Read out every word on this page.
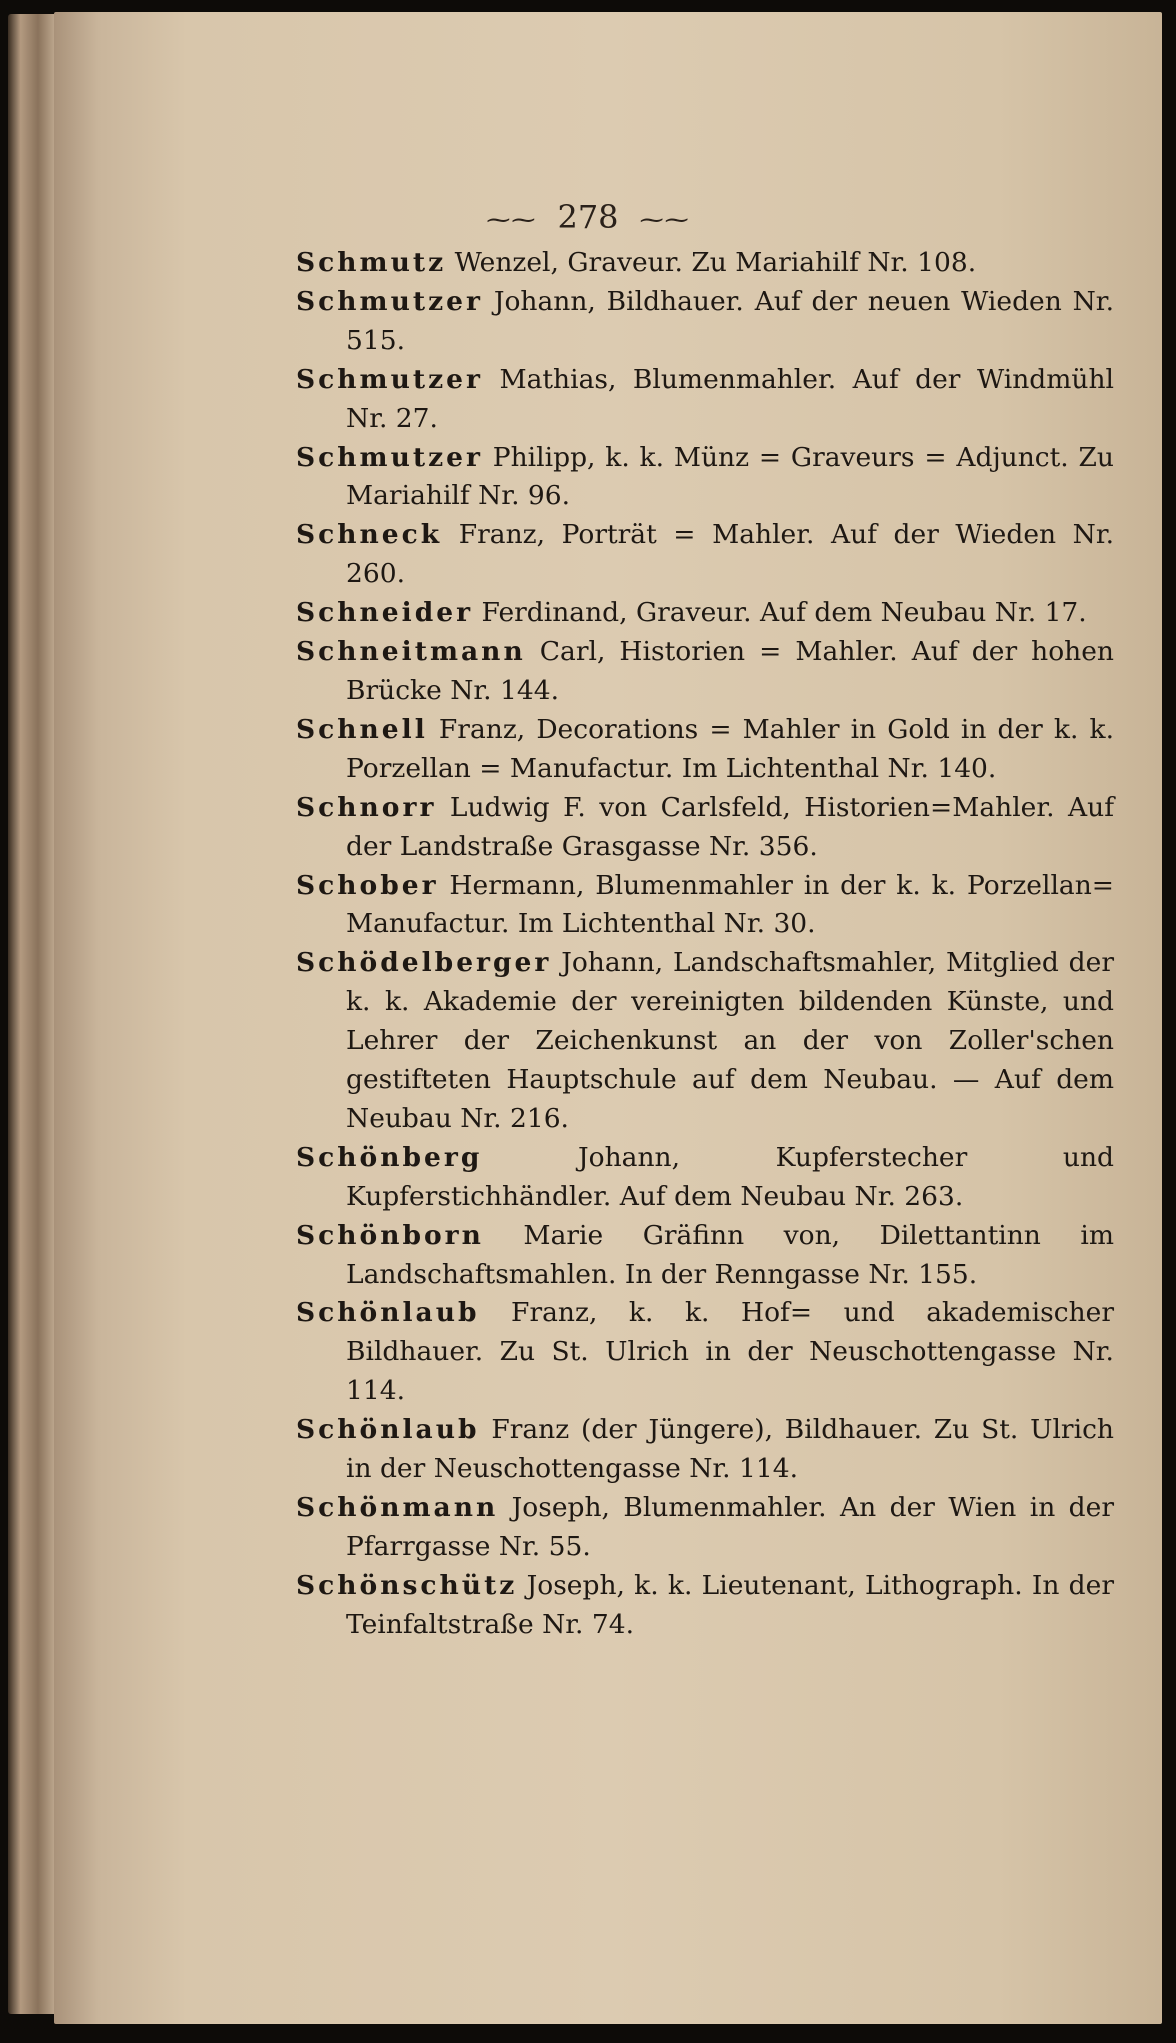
⁓⁓ 278 ⁓⁓

Schmutz Wenzel, Graveur. Zu Mariahilf Nr. 108.

Schmutzer Johann, Bildhauer. Auf der neuen Wieden Nr. 515.

Schmutzer Mathias, Blumenmahler. Auf der Windmühl Nr. 27.

Schmutzer Philipp, k. k. Münz = Graveurs = Adjunct. Zu Mariahilf Nr. 96.

Schneck Franz, Porträt = Mahler. Auf der Wieden Nr. 260.

Schneider Ferdinand, Graveur. Auf dem Neubau Nr. 17.

Schneitmann Carl, Historien = Mahler. Auf der hohen Brücke Nr. 144.

Schnell Franz, Decorations = Mahler in Gold in der k. k. Porzellan = Manufactur. Im Lichtenthal Nr. 140.

Schnorr Ludwig F. von Carlsfeld, Historien=Mahler. Auf der Landstraße Grasgasse Nr. 356.

Schober Hermann, Blumenmahler in der k. k. Porzellan= Manufactur. Im Lichtenthal Nr. 30.

Schödelberger Johann, Landschaftsmahler, Mitglied der k. k. Akademie der vereinigten bildenden Künste, und Lehrer der Zeichenkunst an der von Zoller'schen gestifteten Hauptschule auf dem Neubau. — Auf dem Neubau Nr. 216.

Schönberg Johann, Kupferstecher und Kupferstichhändler. Auf dem Neubau Nr. 263.

Schönborn Marie Gräfinn von, Dilettantinn im Landschaftsmahlen. In der Renngasse Nr. 155.

Schönlaub Franz, k. k. Hof= und akademischer Bildhauer. Zu St. Ulrich in der Neuschottengasse Nr. 114.

Schönlaub Franz (der Jüngere), Bildhauer. Zu St. Ulrich in der Neuschottengasse Nr. 114.

Schönmann Joseph, Blumenmahler. An der Wien in der Pfarrgasse Nr. 55.

Schönschütz Joseph, k. k. Lieutenant, Lithograph. In der Teinfaltstraße Nr. 74.
